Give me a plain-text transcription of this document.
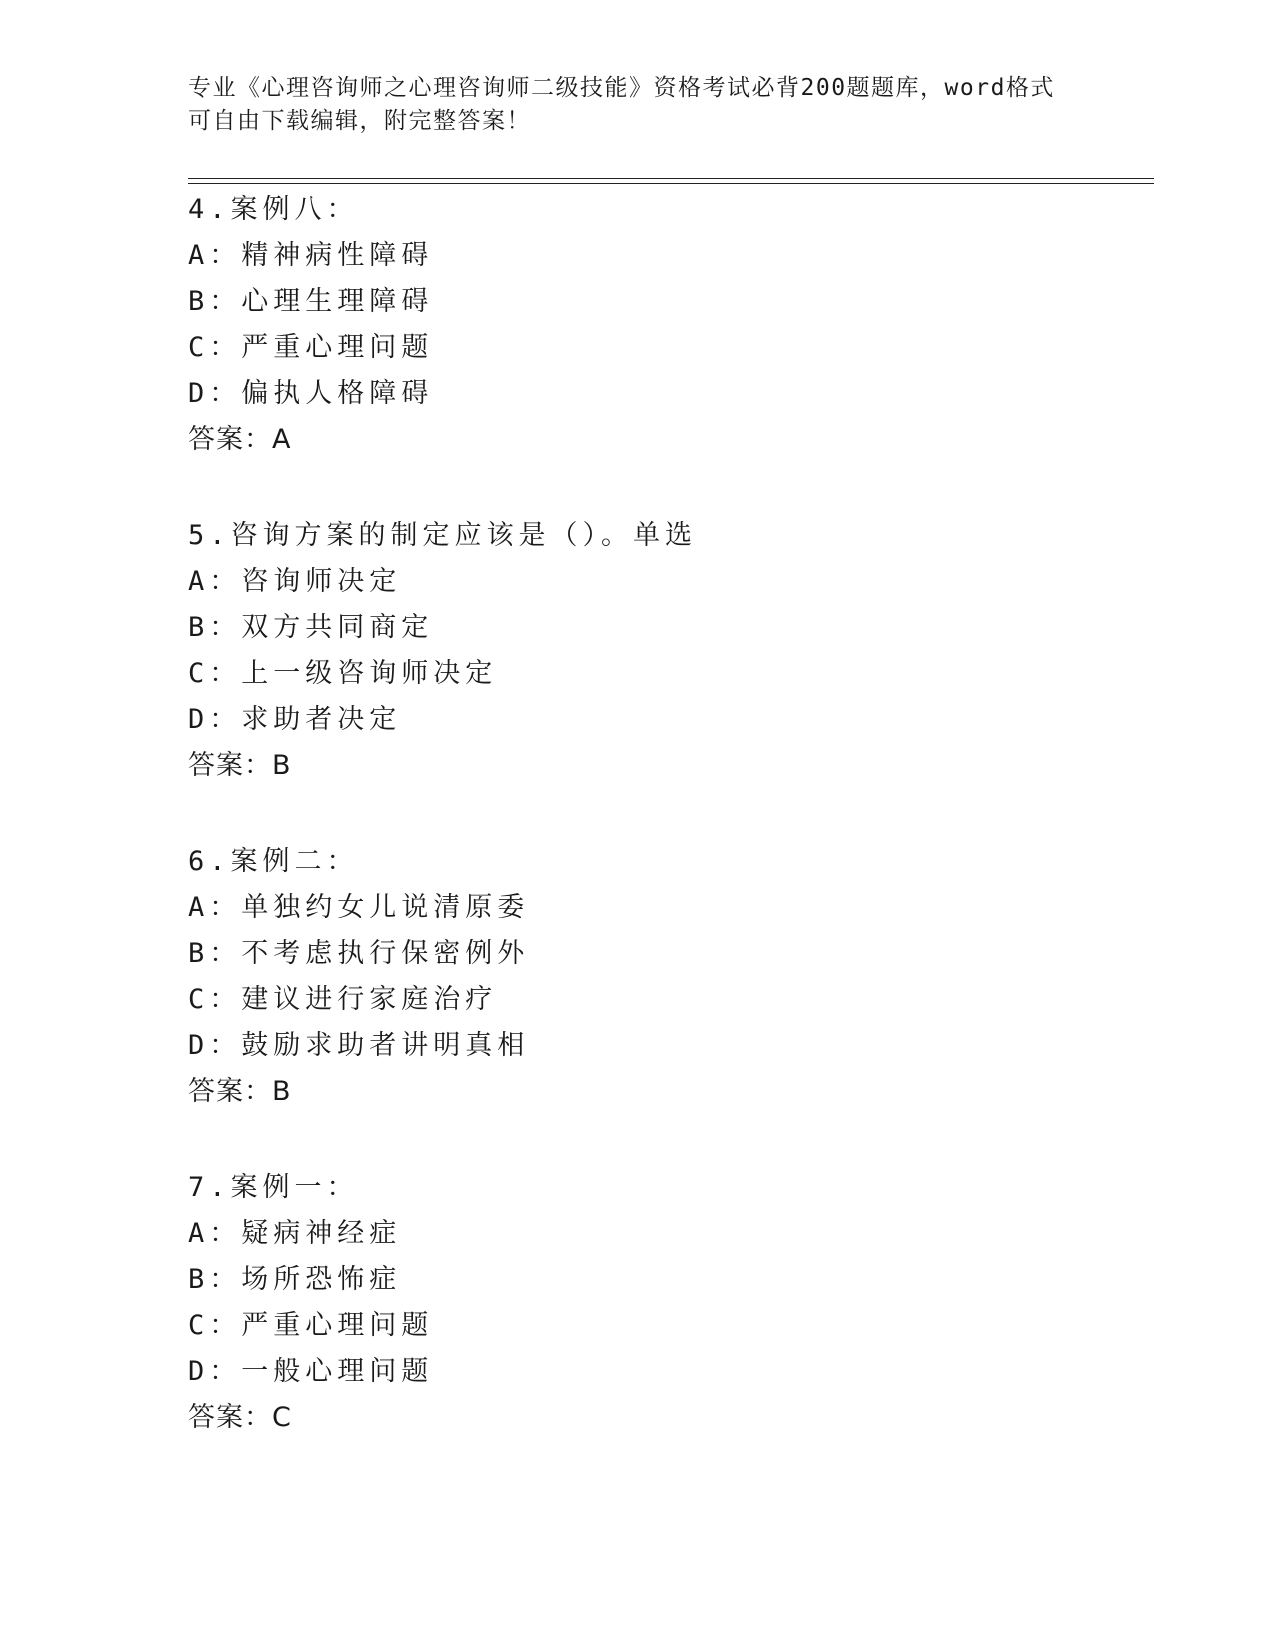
专业《心理咨询师之心理咨询师二级技能》资格考试必背200题题库，word格式
可自由下载编辑，附完整答案！
4.案例八：
A：精神病性障碍
B：心理生理障碍
C：严重心理问题
D：偏执人格障碍
答案：A
5.咨询方案的制定应该是（）。单选
A：咨询师决定
B：双方共同商定
C：上一级咨询师决定
D：求助者决定
答案：B
6.案例二：
A：单独约女儿说清原委
B：不考虑执行保密例外
C：建议进行家庭治疗
D：鼓励求助者讲明真相
答案：B
7.案例一：
A：疑病神经症
B：场所恐怖症
C：严重心理问题
D：一般心理问题
答案：C
